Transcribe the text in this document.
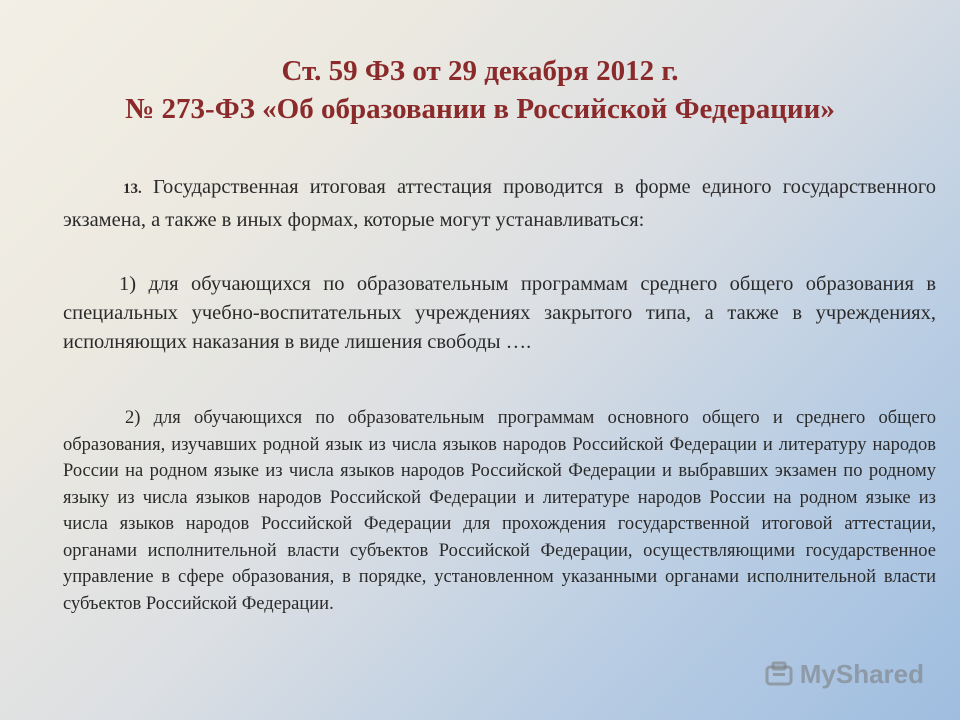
Ст. 59 ФЗ от 29 декабря 2012 г.
№ 273-ФЗ «Об образовании в Российской Федерации»
13. Государственная итоговая аттестация проводится в форме единого государственного экзамена, а также в иных формах, которые могут устанавливаться:
1) для обучающихся по образовательным программам среднего общего образования в специальных учебно-воспитательных учреждениях закрытого типа, а также в учреждениях, исполняющих наказания в виде лишения свободы ….
2) для обучающихся по образовательным программам основного общего и среднего общего образования, изучавших родной язык из числа языков народов Российской Федерации и литературу народов России на родном языке из числа языков народов Российской Федерации и выбравших экзамен по родному языку из числа языков народов Российской Федерации и литературе народов России на родном языке из числа языков народов Российской Федерации для прохождения государственной итоговой аттестации, органами исполнительной власти субъектов Российской Федерации, осуществляющими государственное управление в сфере образования, в порядке, установленном указанными органами исполнительной власти субъектов Российской Федерации.
MyShared
